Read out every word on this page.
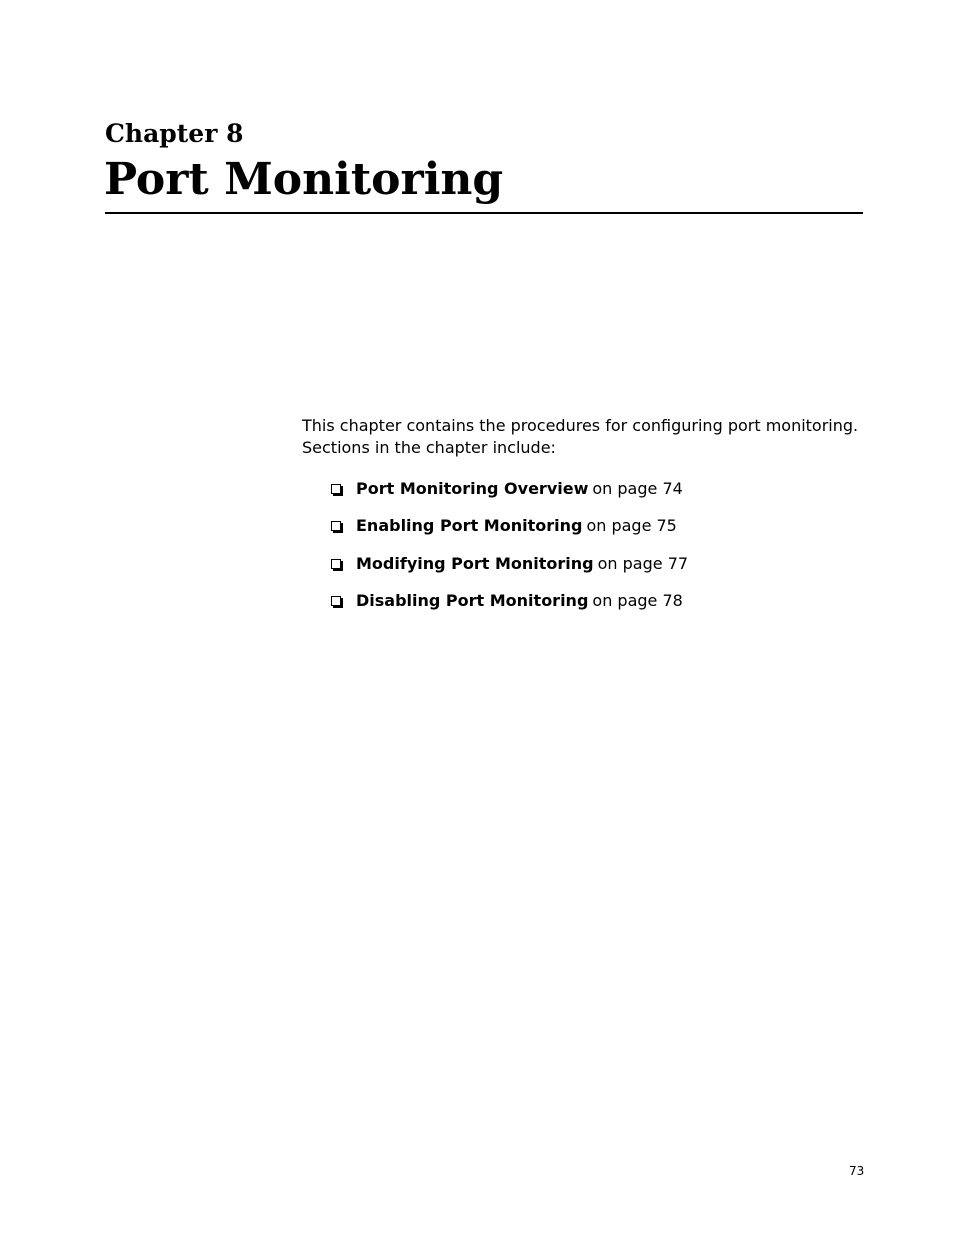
Chapter 8
Port Monitoring

This chapter contains the procedures for configuring port monitoring. Sections in the chapter include:

Port Monitoring Overview on page 74
Enabling Port Monitoring on page 75
Modifying Port Monitoring on page 77
Disabling Port Monitoring on page 78
73
